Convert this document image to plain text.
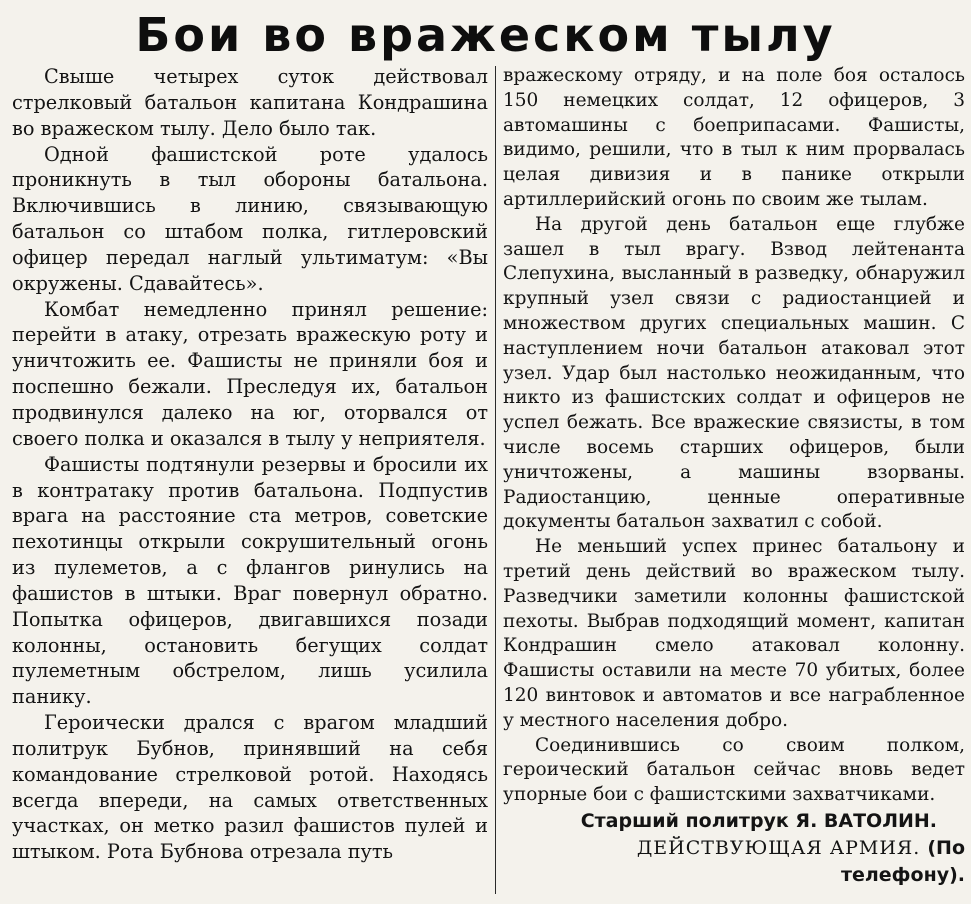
Бои во вражеском тылу

Свыше четырех суток действовал стрелковый батальон капитана Кондрашина во вражеском тылу. Дело было так.

Одной фашистской роте удалось проникнуть в тыл обороны батальона. Включившись в линию, связывающую батальон со штабом полка, гитлеровский офицер передал наглый ультиматум: «Вы окружены. Сдавайтесь».

Комбат немедленно принял решение: перейти в атаку, отрезать вражескую роту и уничтожить ее. Фашисты не приняли боя и поспешно бежали. Преследуя их, батальон продвинулся далеко на юг, оторвался от своего полка и оказался в тылу у неприятеля.

Фашисты подтянули резервы и бросили их в контратаку против батальона. Подпустив врага на расстояние ста метров, советские пехотинцы открыли сокрушительный огонь из пулеметов, а с флангов ринулись на фашистов в штыки. Враг повернул обратно. Попытка офицеров, двигавшихся позади колонны, остановить бегущих солдат пулеметным обстрелом, лишь усилила панику.

Героически дрался с врагом младший политрук Бубнов, принявший на себя командование стрелковой ротой. Находясь всегда впереди, на самых ответственных участках, он метко разил фашистов пулей и штыком. Рота Бубнова отрезала путь

вражескому отряду, и на поле боя осталось 150 немецких солдат, 12 офицеров, 3 автомашины с боеприпасами. Фашисты, видимо, решили, что в тыл к ним прорвалась целая дивизия и в панике открыли артиллерийский огонь по своим же тылам.

На другой день батальон еще глубже зашел в тыл врагу. Взвод лейтенанта Слепухина, высланный в разведку, обнаружил крупный узел связи с радиостанцией и множеством других специальных машин. С наступлением ночи батальон атаковал этот узел. Удар был настолько неожиданным, что никто из фашистских солдат и офицеров не успел бежать. Все вражеские связисты, в том числе восемь старших офицеров, были уничтожены, а машины взорваны. Радиостанцию, ценные оперативные документы батальон захватил с собой.

Не меньший успех принес батальону и третий день действий во вражеском тылу. Разведчики заметили колонны фашистской пехоты. Выбрав подходящий момент, капитан Кондрашин смело атаковал колонну. Фашисты оставили на месте 70 убитых, более 120 винтовок и автоматов и все награбленное у местного населения добро.

Соединившись со своим полком, героический батальон сейчас вновь ведет упорные бои с фашистскими захватчиками.

Старший политрук Я. ВАТОЛИН.

ДЕЙСТВУЮЩАЯ АРМИЯ. (По телефону).
